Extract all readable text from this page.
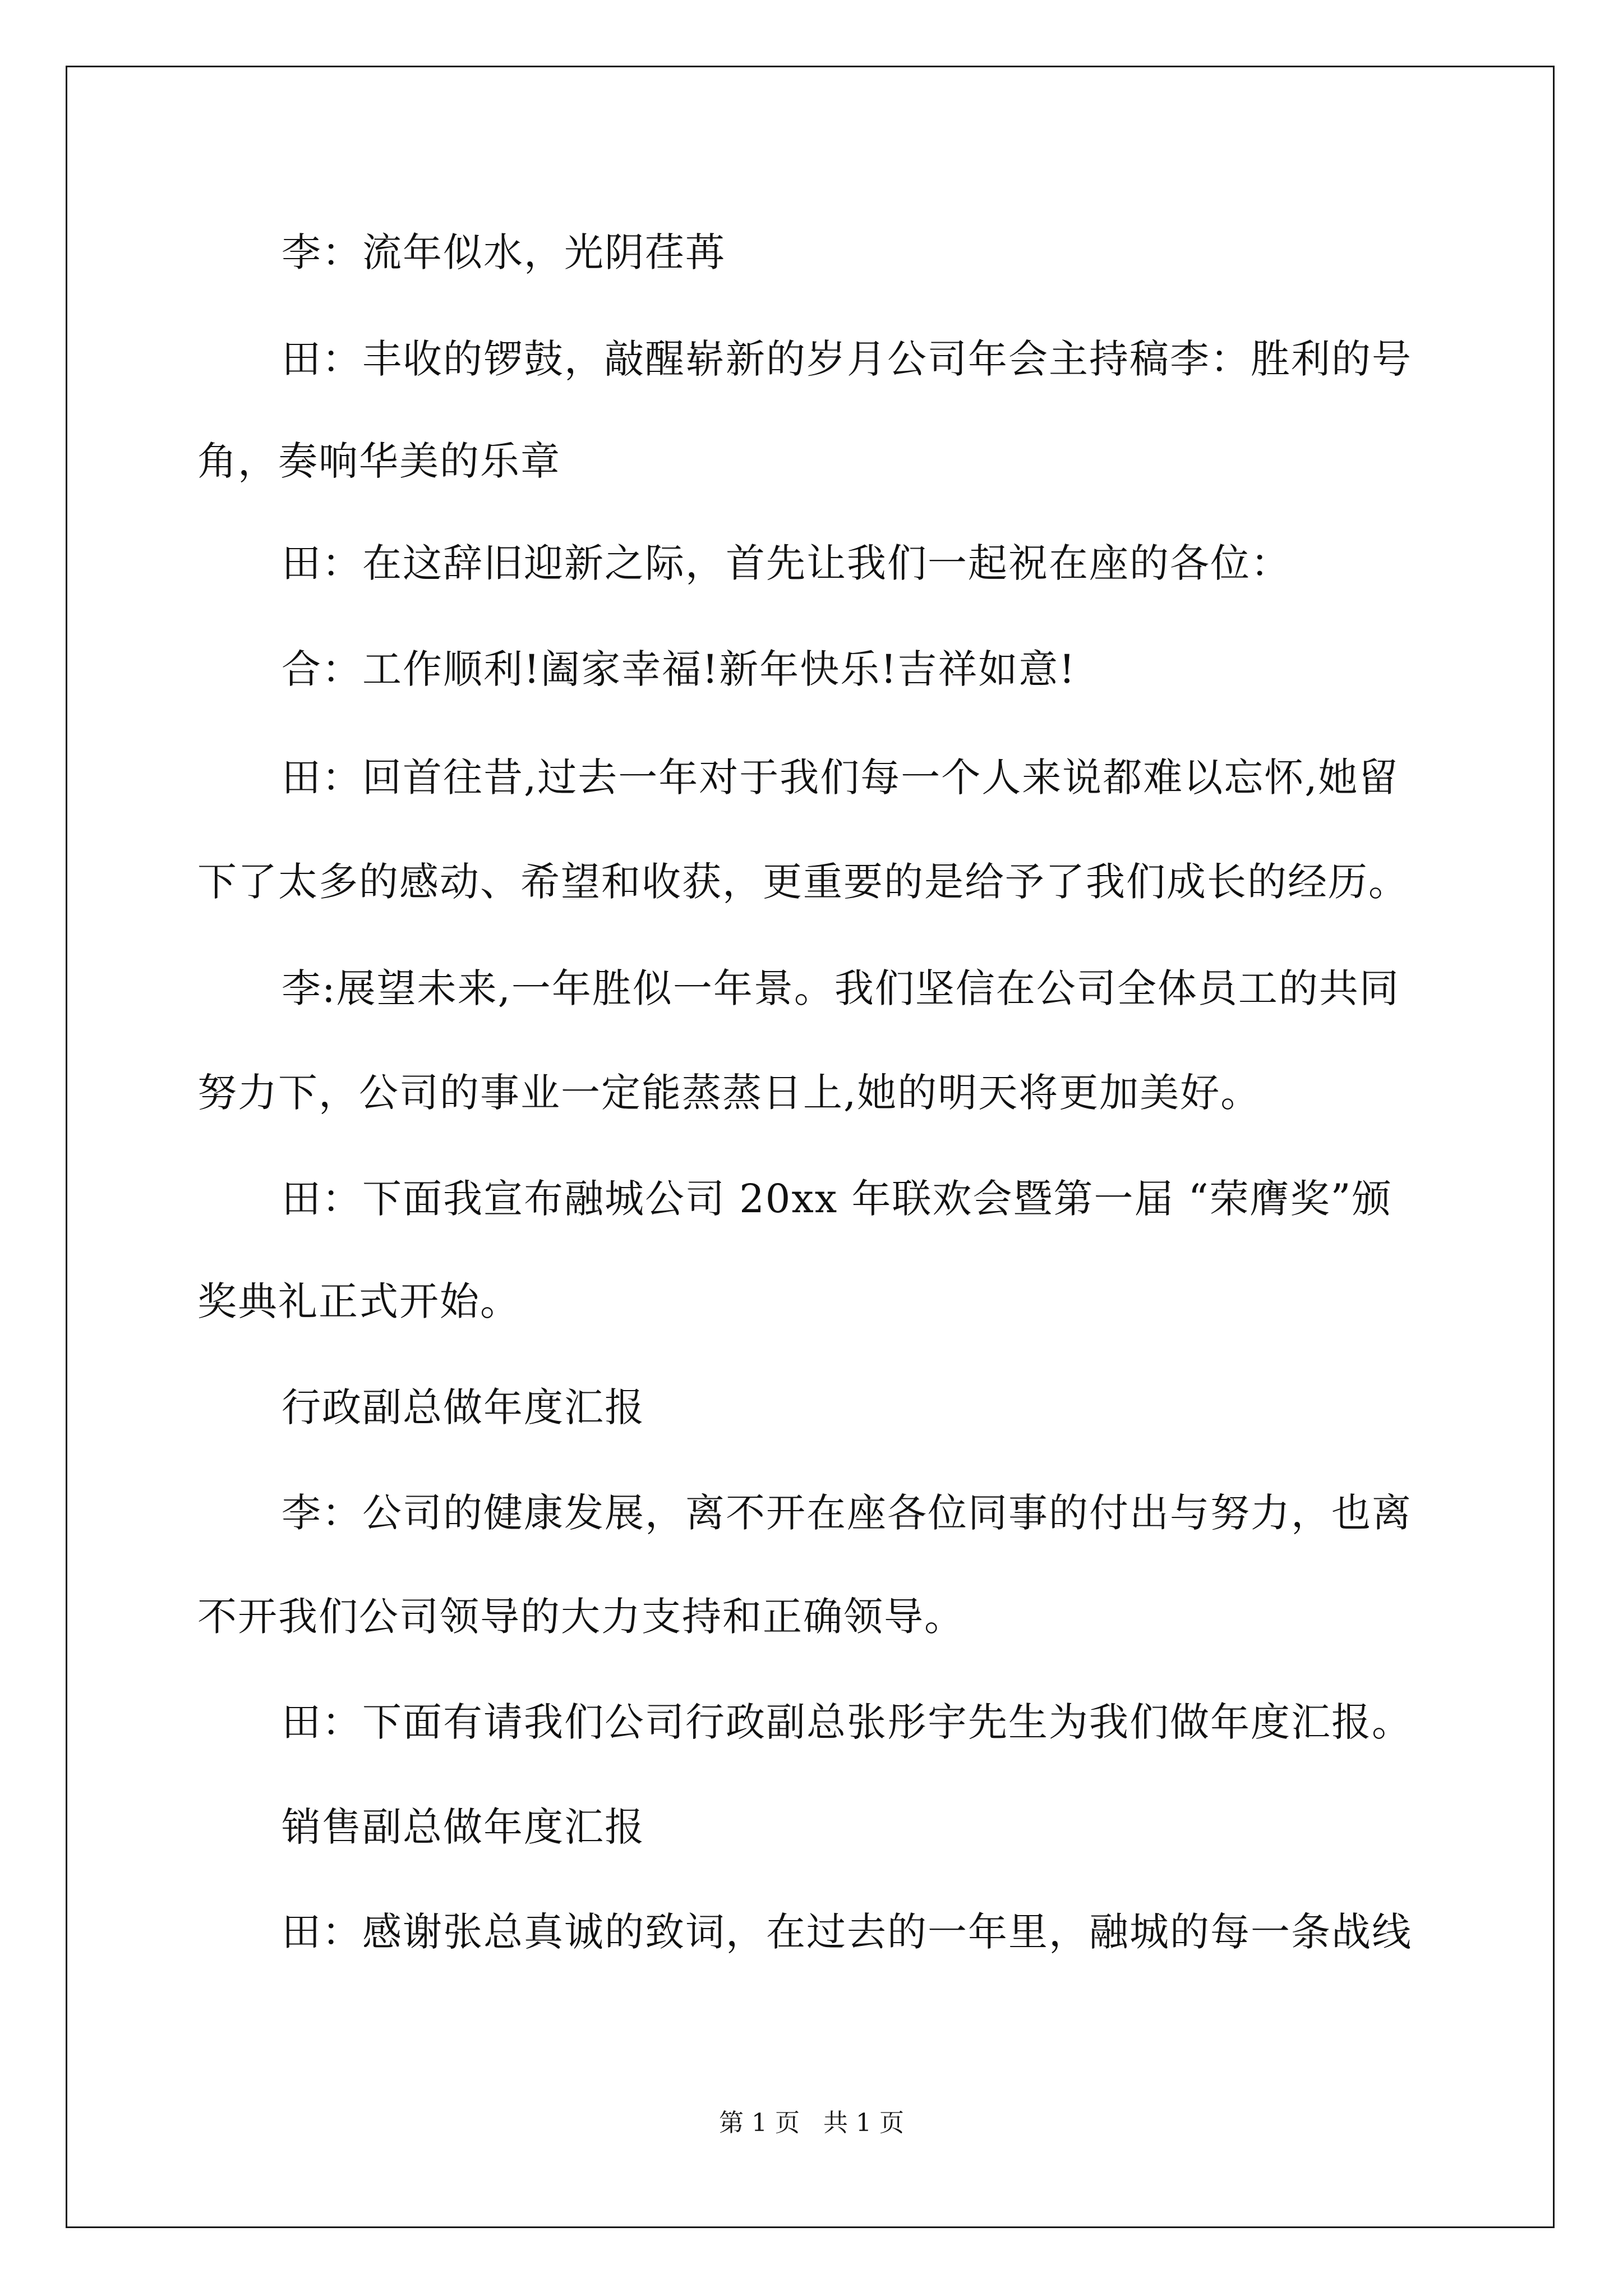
李：流年似水，光阴荏苒
田：丰收的锣鼓，敲醒崭新的岁月公司年会主持稿李：胜利的号
角，奏响华美的乐章
田：在这辞旧迎新之际，首先让我们一起祝在座的各位：
合：工作顺利!阖家幸福!新年快乐!吉祥如意!
田：回首往昔,过去一年对于我们每一个人来说都难以忘怀,她留
下了太多的感动、希望和收获，更重要的是给予了我们成长的经历。
李:展望未来,一年胜似一年景。我们坚信在公司全体员工的共同
努力下，公司的事业一定能蒸蒸日上,她的明天将更加美好。
田：下面我宣布融城公司 20xx 年联欢会暨第一届 “荣膺奖”颁
奖典礼正式开始。
行政副总做年度汇报
李：公司的健康发展，离不开在座各位同事的付出与努力，也离
不开我们公司领导的大力支持和正确领导。
田：下面有请我们公司行政副总张彤宇先生为我们做年度汇报。
销售副总做年度汇报
田：感谢张总真诚的致词，在过去的一年里，融城的每一条战线
第 1 页   共 1 页
